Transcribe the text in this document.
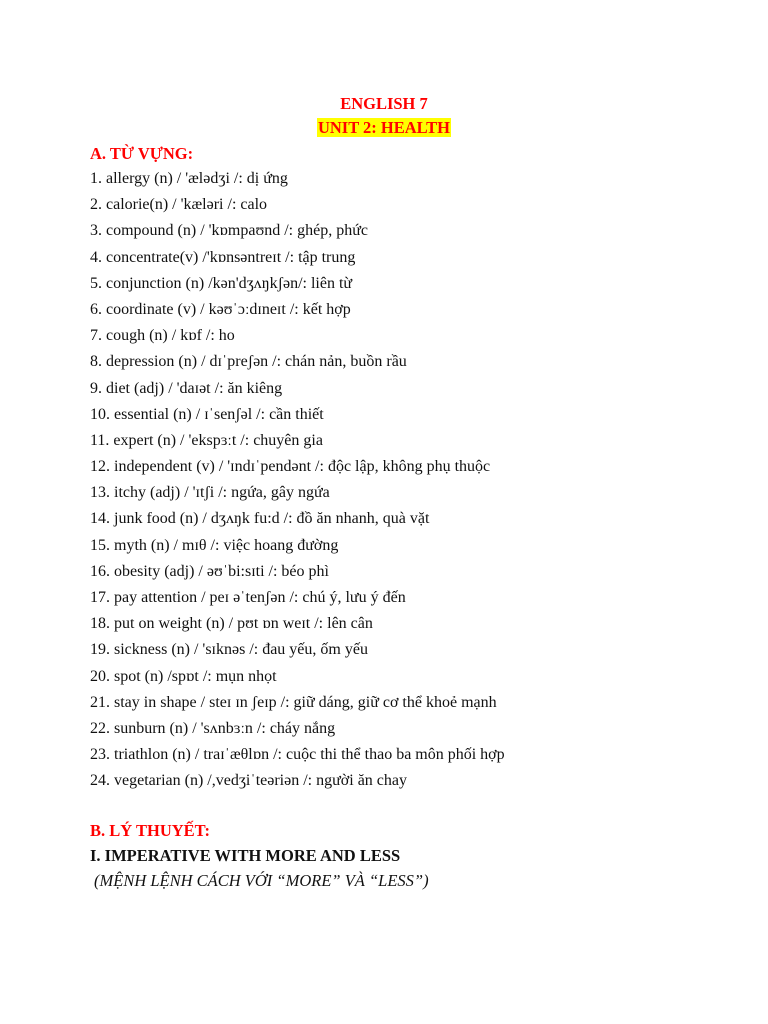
ENGLISH 7
UNIT 2: HEALTH
A. TỪ VỰNG:
1. allergy (n) / 'ælədʒi /: dị ứng
2. calorie(n) / 'kæləri /: calo
3. compound (n) / 'kɒmpaʊnd /: ghép, phức
4. concentrate(v) /'kɒnsəntreɪt /: tập trung
5. conjunction (n) /kən'dʒʌŋkʃən/: liên từ
6. coordinate (v) / kəʊˈɔːdɪneɪt /: kết hợp
7. cough (n) / kɒf /: ho
8. depression (n) / dɪˈpreʃən /: chán nản, buồn rầu
9. diet (adj) / 'daɪət /: ăn kiêng
10. essential (n) / ɪˈsenʃəl /: cần thiết
11. expert (n) / 'ekspɜːt /: chuyên gia
12. independent (v) / 'ɪndɪˈpendənt /: độc lập, không phụ thuộc
13. itchy (adj) / 'ɪtʃi /: ngứa, gây ngứa
14. junk food (n) / dʒʌŋk fu:d /: đồ ăn nhanh, quà vặt
15. myth (n) / mɪθ /: việc hoang đường
16. obesity (adj) / əʊˈbi:sɪti /: béo phì
17. pay attention / peɪ əˈtenʃən /: chú ý, lưu ý đến
18. put on weight (n) / pʊt ɒn weɪt /: lên cân
19. sickness (n) / 'sɪknəs /: đau yếu, ốm yếu
20. spot (n) /spɒt /: mụn nhọt
21. stay in shape / steɪ ɪn ʃeɪp /: giữ dáng, giữ cơ thể khoẻ mạnh
22. sunburn (n) / 'sʌnbɜːn /: cháy nắng
23. triathlon (n) / traɪˈæθlɒn /: cuộc thi thể thao ba môn phối hợp
24. vegetarian (n) /,vedʒiˈteəriən /: người ăn chay
B. LÝ THUYẾT:
I. IMPERATIVE WITH MORE AND LESS

(MỆNH LỆNH CÁCH VỚI “MORE” VÀ “LESS”)
